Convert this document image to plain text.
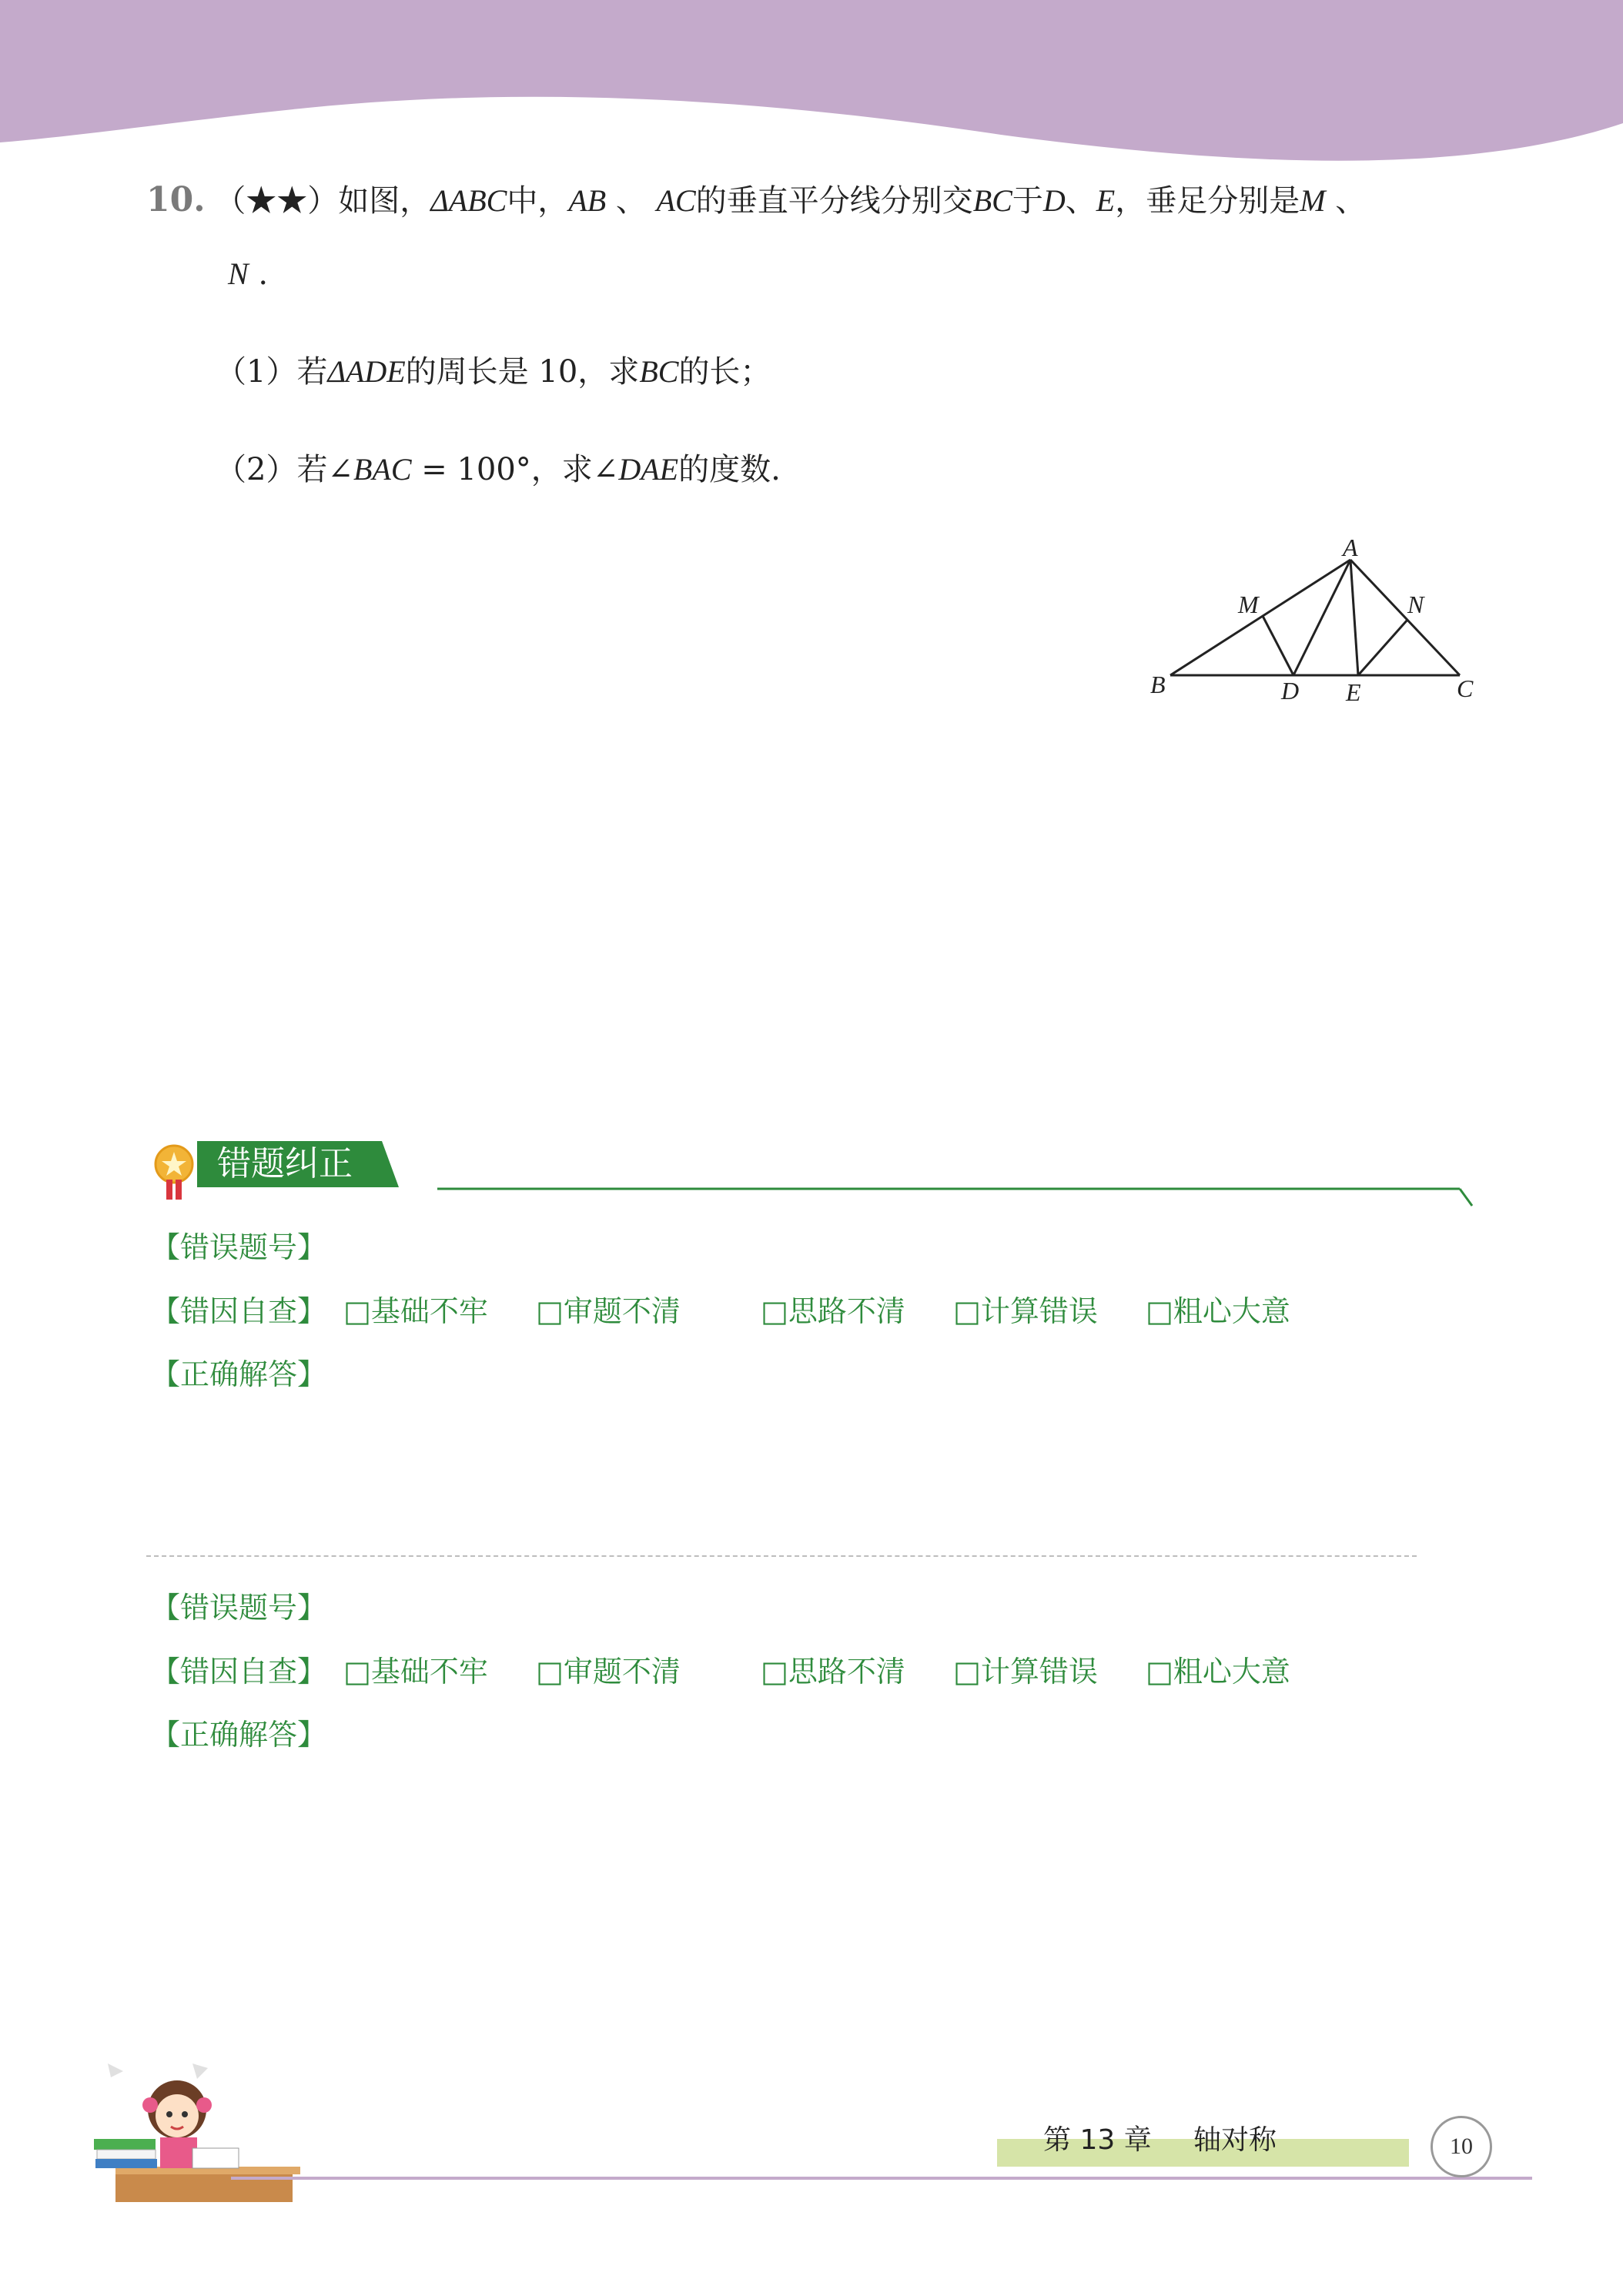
10. （★★）如图，ΔABC中，AB 、 AC的垂直平分线分别交BC于D、E，垂足分别是M 、
N .
（1）若ΔADE的周长是 10，求BC的长；
（2）若∠BAC = 100°，求∠DAE的度数.
A
B	C
D E
M	N
错题纠正
【错误题号】
【错因自查】 □基础不牢 □审题不清	□思路不清 □计算错误 □粗心大意
【正确解答】
【错误题号】
【错因自查】 □基础不牢 □审题不清	□思路不清 □计算错误 □粗心大意
【正确解答】
第 13 章 轴对称	10
